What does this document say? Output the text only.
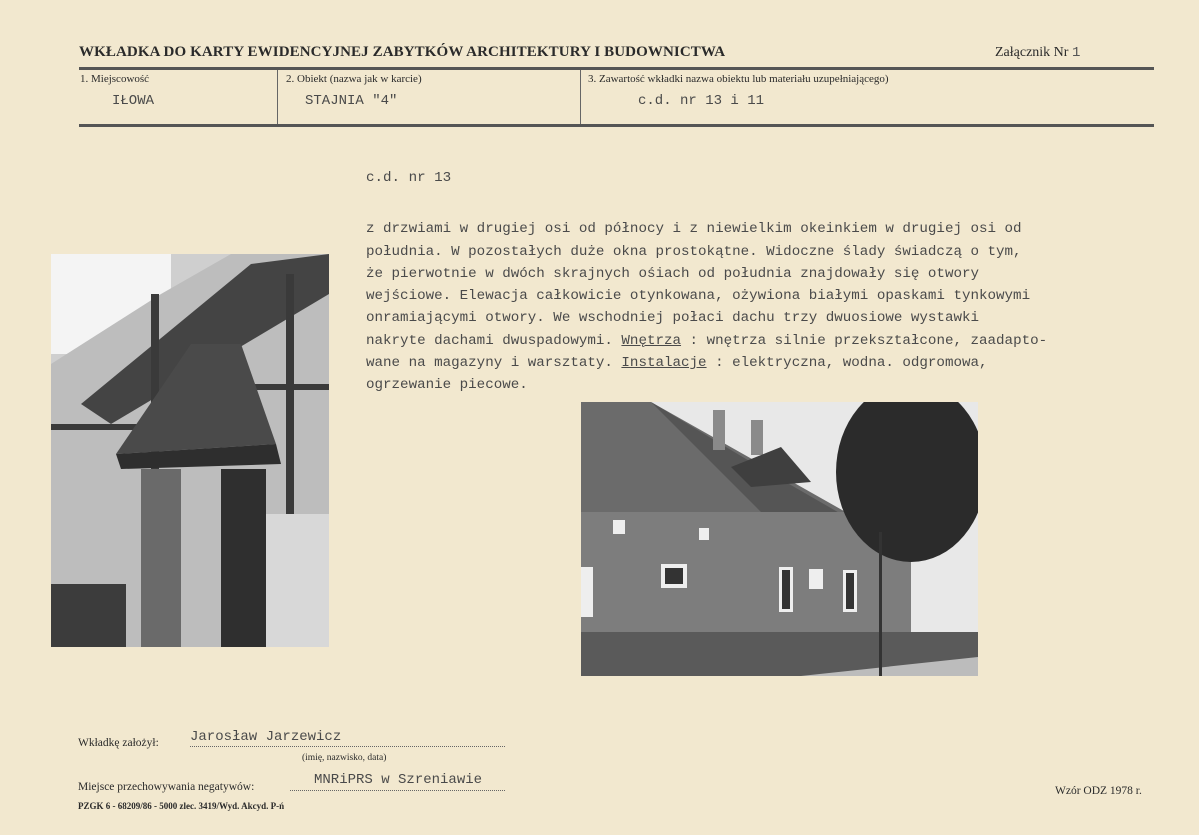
WKŁADKA DO KARTY EWIDENCYJNEJ ZABYTKÓW ARCHITEKTURY I BUDOWNICTWA	Załącznik Nr 1
1. Miejscowość
IŁOWA
2. Obiekt (nazwa jak w karcie)
STAJNIA "4"
3. Zawartość wkładki nazwa obiektu lub materiału uzupełniającego)
c.d. nr 13 i 11
c.d. nr 13

z drzwiami w drugiej osi od północy i z niewielkim okeinkiem w drugiej osi od
południa. W pozostałych duże okna prostokątne. Widoczne ślady świadczą o tym,
że pierwotnie w dwóch skrajnych ośiach od południa znajdowały się otwory
wejściowe. Elewacja całkowicie otynkowana, ożywiona białymi opaskami tynkowymi
onramiającymi otwory. We wschodniej połaci dachu trzy dwuosiowe wystawki
nakryte dachami dwuspadowymi. Wnętrza : wnętrza silnie przekształcone, zaadapto-
wane na magazyny i warsztaty. Instalacje : elektryczna, wodna. odgromowa,
ogrzewanie piecowe.

Wkładkę założył: Jarosław Jarzewicz
(imię, nazwisko, data)
Miejsce przechowywania negatywów:	MNRiPRS w Szreniawie
PZGK 6 - 68209/86 - 5000 zlec. 3419/Wyd. Akcyd. P-ń
Wzór ODZ 1978 r.
